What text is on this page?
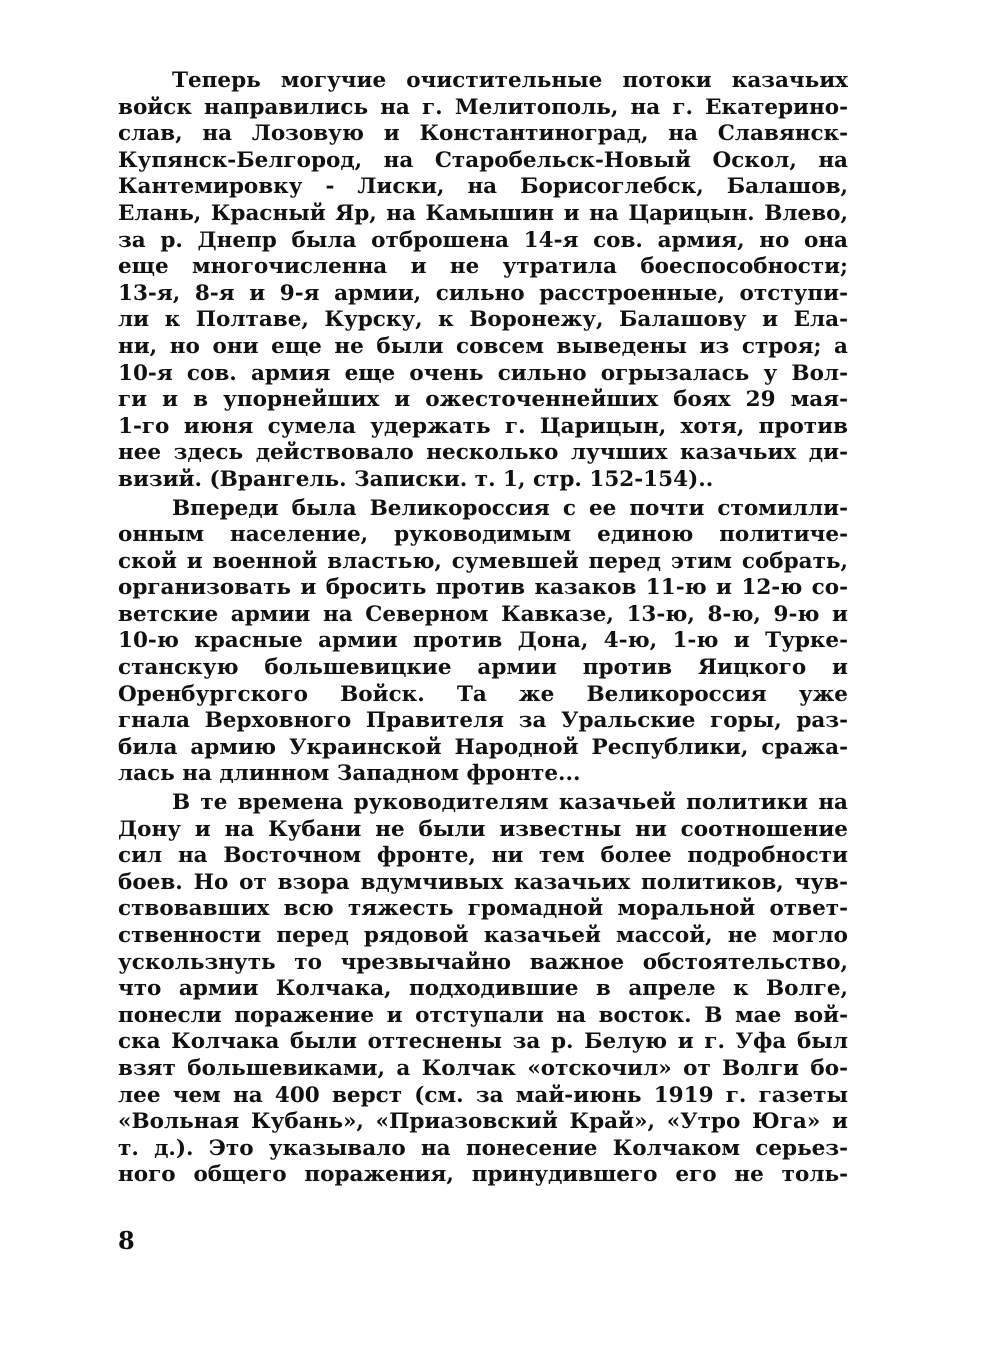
Теперь могучие очистительные потоки казачьих
войск направились на г. Мелитополь, на г. Екатерино-
слав, на Лозовую и Константиноград, на Славянск-
Купянск-Белгород, на Старобельск-Новый Оскол, на
Кантемировку - Лиски, на Борисоглебск, Балашов,
Елань, Красный Яр, на Камышин и на Царицын. Влево,
за р. Днепр была отброшена 14-я сов. армия, но она
еще многочисленна и не утратила боеспособности;
13-я, 8-я и 9-я армии, сильно расстроенные, отступи-
ли к Полтаве, Курску, к Воронежу, Балашову и Ела-
ни, но они еще не были совсем выведены из строя; а
10-я сов. армия еще очень сильно огрызалась у Вол-
ги и в упорнейших и ожесточеннейших боях 29 мая-
1-го июня сумела удержать г. Царицын, хотя, против
нее здесь действовало несколько лучших казачьих ди-
визий. (Врангель. Записки. т. 1, стр. 152-154)..
Впереди была Великороссия с ее почти стомилли-
онным население, руководимым единою политиче-
ской и военной властью, сумевшей перед этим собрать,
организовать и бросить против казаков 11-ю и 12-ю со-
ветские армии на Северном Кавказе, 13-ю, 8-ю, 9-ю и
10-ю красные армии против Дона, 4-ю, 1-ю и Турке-
станскую большевицкие армии против Яицкого и
Оренбургского Войск. Та же Великороссия уже
гнала Верховного Правителя за Уральские горы, раз-
била армию Украинской Народной Республики, сража-
лась на длинном Западном фронте...
В те времена руководителям казачьей политики на
Дону и на Кубани не были известны ни соотношение
сил на Восточном фронте, ни тем более подробности
боев. Но от взора вдумчивых казачьих политиков, чув-
ствовавших всю тяжесть громадной моральной ответ-
ственности перед рядовой казачьей массой, не могло
ускользнуть то чрезвычайно важное обстоятельство,
что армии Колчака, подходившие в апреле к Волге,
понесли поражение и отступали на восток. В мае вой-
ска Колчака были оттеснены за р. Белую и г. Уфа был
взят большевиками, а Колчак «отскочил» от Волги бо-
лее чем на 400 верст (см. за май-июнь 1919 г. газеты
«Вольная Кубань», «Приазовский Край», «Утро Юга» и
т. д.). Это указывало на понесение Колчаком серьез-
ного общего поражения, принудившего его не толь-
8
